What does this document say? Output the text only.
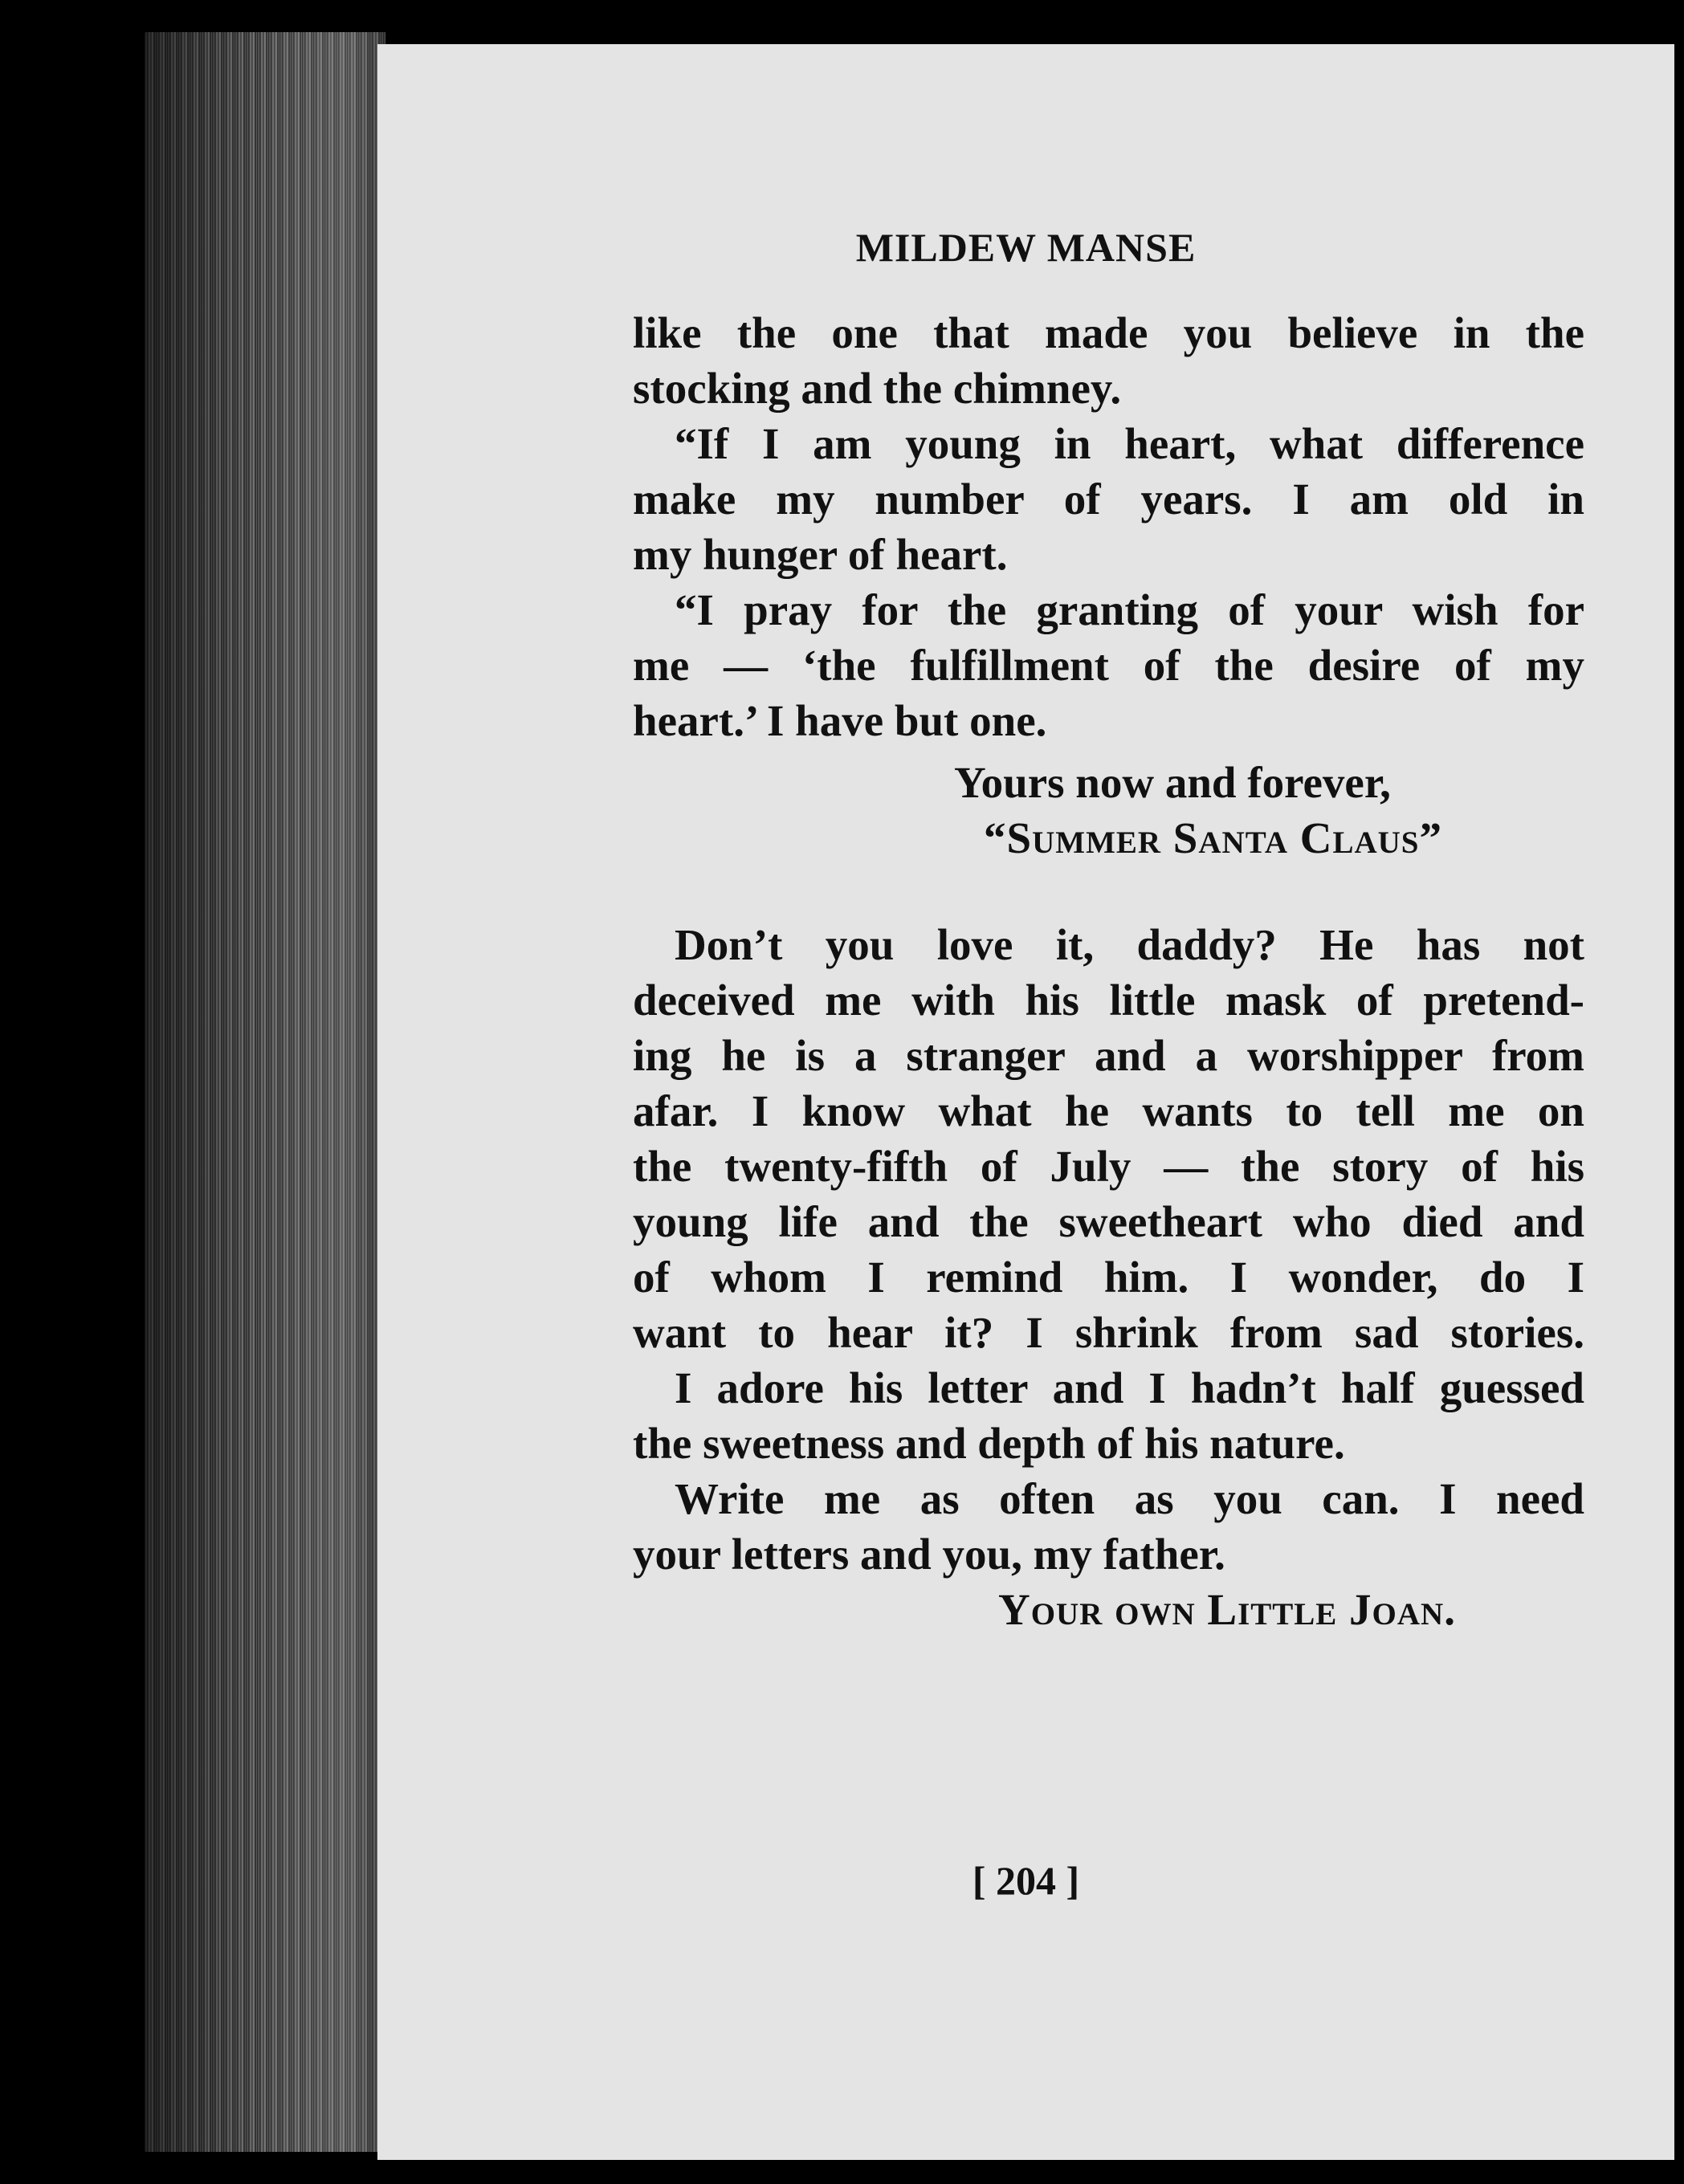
MILDEW MANSE
like the one that made you believe in the
stocking and the chimney.
“If I am young in heart, what difference
make my number of years. I am old in
my hunger of heart.
“I pray for the granting of your wish for
me — ‘the fulfillment of the desire of my
heart.’ I have but one.
Yours now and forever,
“Summer Santa Claus”
Don’t you love it, daddy? He has not
deceived me with his little mask of pretend-
ing he is a stranger and a worshipper from
afar. I know what he wants to tell me on
the twenty-fifth of July — the story of his
young life and the sweetheart who died and
of whom I remind him. I wonder, do I
want to hear it? I shrink from sad stories.
I adore his letter and I hadn’t half guessed
the sweetness and depth of his nature.
Write me as often as you can. I need
your letters and you, my father.
Your own Little Joan.
[ 204 ]
